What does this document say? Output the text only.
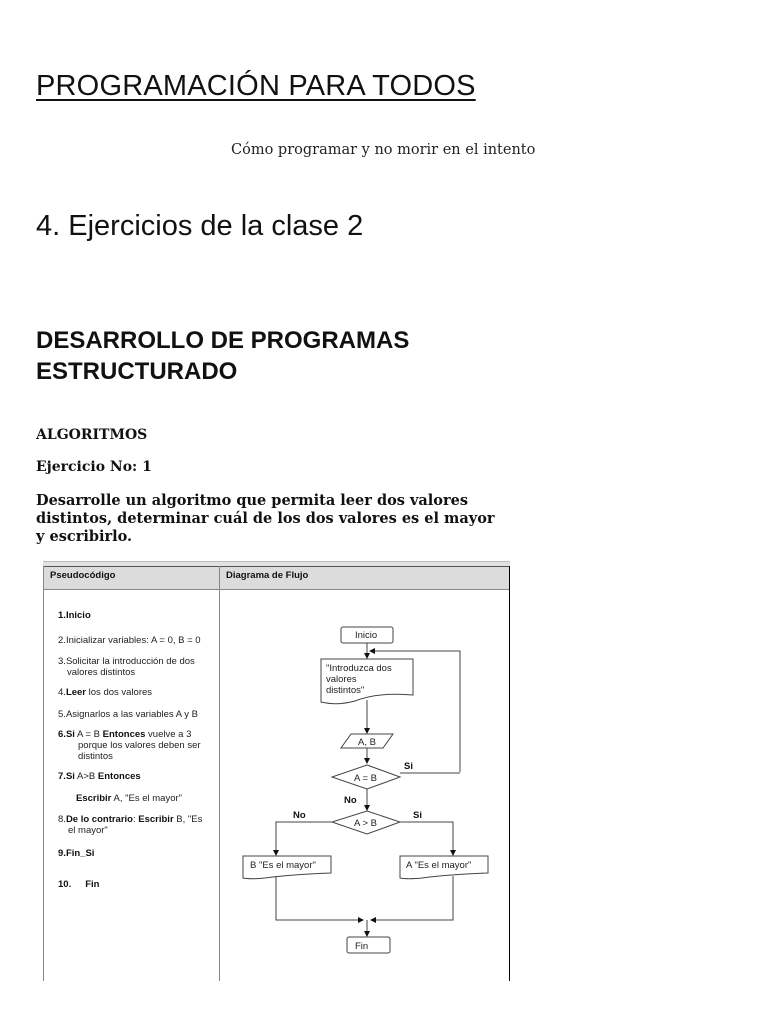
PROGRAMACIÓN PARA TODOS

Cómo programar y no morir en el intento

4. Ejercicios de la clase 2
DESARROLLO DE PROGRAMAS ESTRUCTURADO

ALGORITMOS

Ejercicio No: 1

Desarrolle un algoritmo que permita leer dos valores distintos, determinar cuál de los dos valores es el mayor y escribirlo.

Pseudocódigo	Diagrama de Flujo
1.Inicio
2.Inicializar variables: A = 0, B = 0
3.Solicitar la introducción de dos
valores distintos
4.Leer los dos valores
5.Asignarlos a las variables A y B
6.Si A = B Entonces vuelve a 3
porque los valores deben ser distintos
7.Si A>B Entonces
Escribir A, "Es el mayor"
8.De lo contrario: Escribir B, "Es
el mayor"
9.Fin_Si
10. Fin
Inicio
"Introduzca dos
valores
distintos"
A, B
A = B
Si
No
A > B
No	Si
B "Es el mayor"	A "Es el mayor"
Fin
